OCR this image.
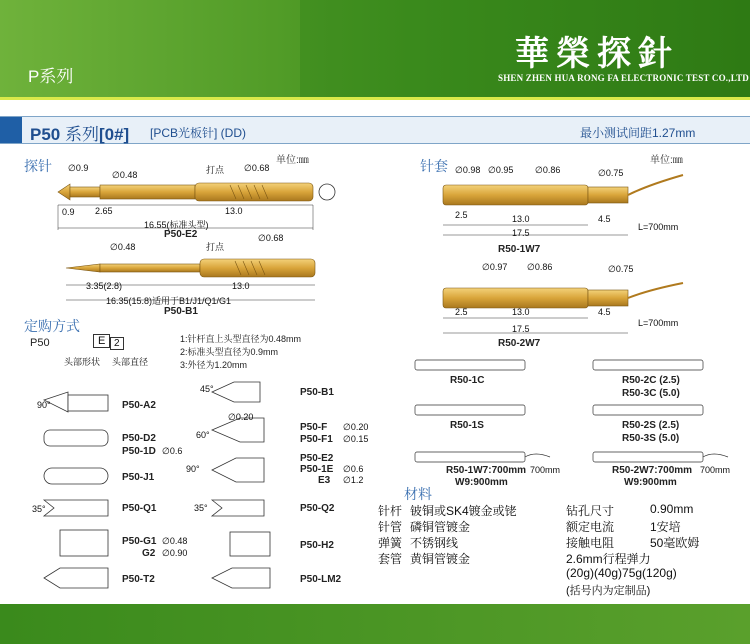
P系列
華榮探針
SHEN ZHEN HUA RONG FA ELECTRONIC TEST CO.,LTD
P50 系列[0#] [PCB光板针] (DD)	最小测试间距1.27mm
探针	单位:㎜
∅0.9
∅0.48	打点 ∅0.68
0.9 2.65	13.0
16.55(标准头型)
P50-E2
∅0.48	打点
∅0.68
3.35(2.8)	13.0
16.35(15.8)适用于B1/J1/Q1/G1
P50-B1
针套	单位:㎜
∅0.98 ∅0.95 ∅0.86	∅0.75
2.5	13.0	4.5
17.5
L=700mm
R50-1W7
∅0.97 ∅0.86	∅0.75
2.5	13.0	4.5
17.5
L=700mm
R50-2W7
R50-1C	R50-2C (2.5)
R50-3C (5.0)
R50-1S	R50-2S (2.5)
R50-3S (5.0)
R50-1W7:700mm 700mm
W9:900mm
R50-2W7:700mm 700mm
W9:900mm
定购方式
P50	E 2
头部形状 头部直径
1:针杆直上头型直径为0.48mm
2:标准头型直径为0.9mm
3:外径为1.20mm
90°	P50-A2
P50-D2
P50-1D ∅0.6
P50-J1
35°	P50-Q1
P50-G1 ∅0.48
G2 ∅0.90
P50-T2
45°	P50-B1
∅0.20
60°
P50-F ∅0.20
P50-F1 ∅0.15
90°
P50-E2
P50-1E ∅0.6
E3 ∅1.2
35°	P50-Q2
P50-H2
P50-LM2
材料
针杆 铍铜或SK4镀金或铑
针管 磷铜管镀金
弹簧 不锈钢线
套管 黄铜管镀金
钻孔尺寸	0.90mm
额定电流	1安培
接触电阻	50毫欧姆
2.6mm行程弹力
(20g)(40g)75g(120g)
(括号内为定制品)
